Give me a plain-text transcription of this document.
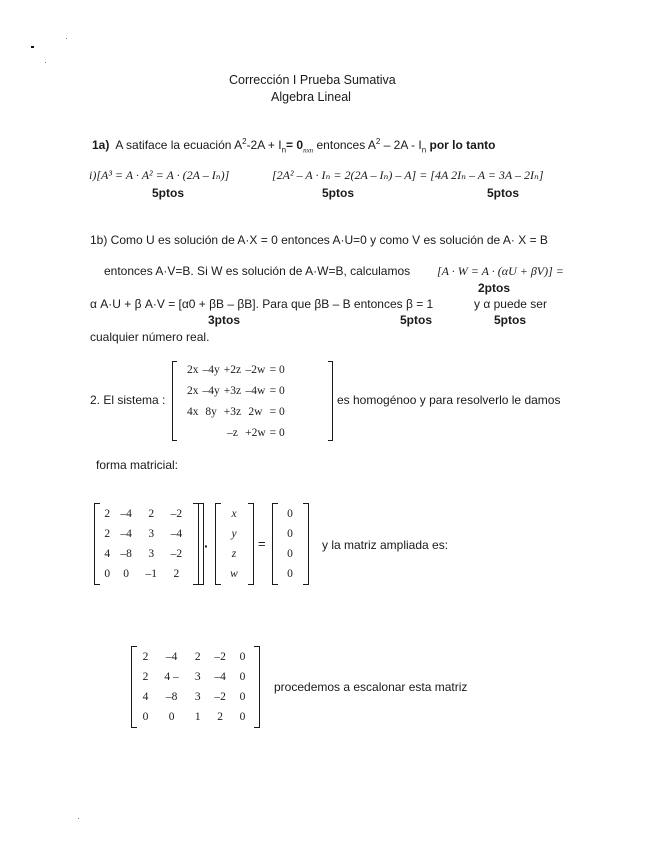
Corrección I Prueba Sumativa
Algebra Lineal
1a) A satiface la ecuación $A^2-2A + I_n= 0_{nxn}$ entonces $A^2 - 2A - I_n$ por lo tanto
i)[A³ = A · A² = A · (2A – Iₙ)]	[2A² – A · Iₙ = 2(2A – Iₙ) – A] = [4A 2Iₙ – A = 3A – 2Iₙ]
5ptos	5ptos	5ptos
1b) Como U es solución de A·X = 0 entonces A·U=0 y como V es solución de A· X = B
entonces A·V=B. Si W es solución de A·W=B, calculamos [A · W = A · (αU + βV)] =
2ptos
α A·U + β A·V = [α0 + βB – βB]. Para que βB – B entonces β = 1	y α puede ser
3ptos	5ptos	5ptos
cualquier número real.
2. El sistema :
2x	–4y	+2z	–2w	= 0
2x	–4y	+3z	–4w	= 0
4x	8y	+3z	2w	= 0
		–z	+2w	= 0
es homogénoo y para resolverlo le damos
forma matricial:
2	–4	2	–2
2	–4	3	–4
4	–8	3	–2
0	0	–1	2
·
x
y
z
w
=
0
0
0
0
y la matriz ampliada es:
2	–4	2	–2	0
2	4 –	3	–4	0
4	–8	3	–2	0
0	0	1	2	0
procedemos a escalonar esta matriz
